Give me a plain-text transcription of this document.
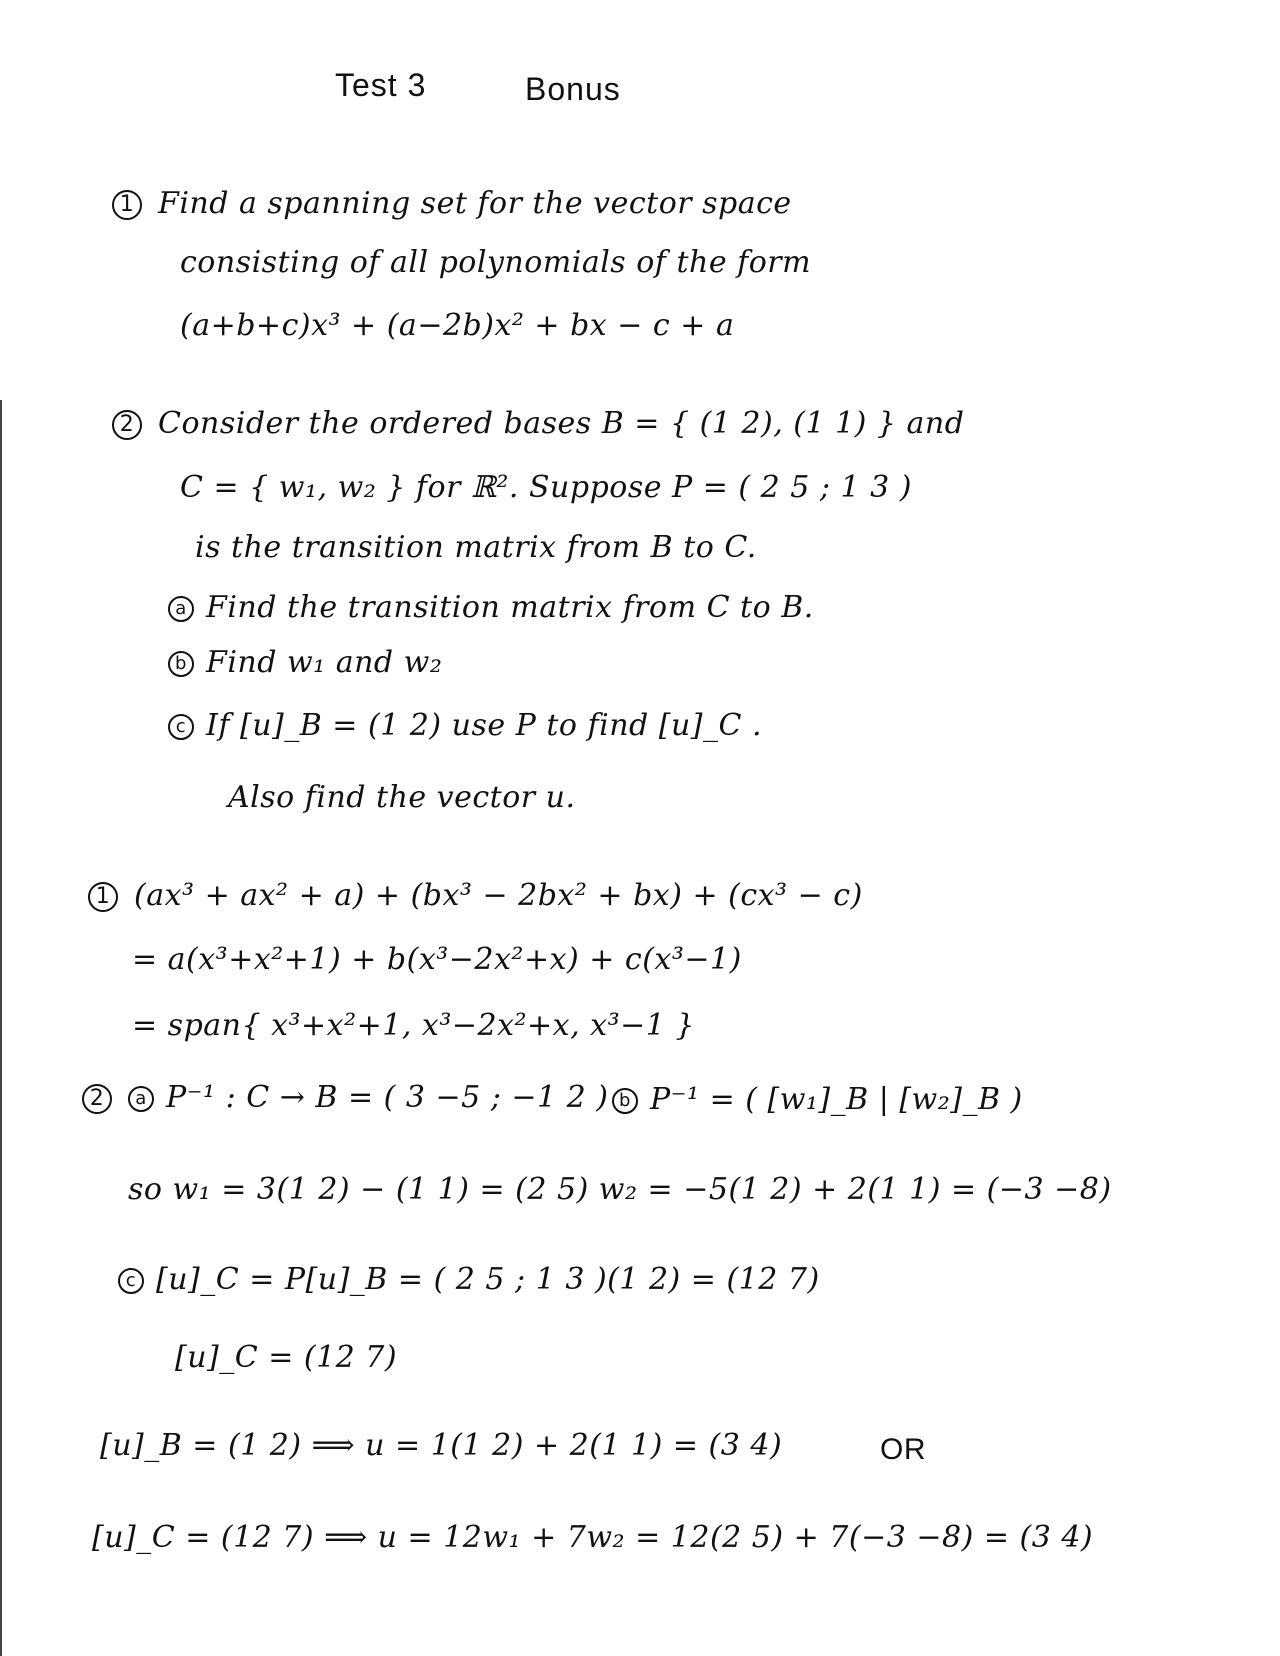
Test 3	Bonus
1 Find a spanning set for the vector space
consisting of all polynomials of the form
(a+b+c)x³ + (a−2b)x² + bx − c + a
2 Consider the ordered bases B = { (1 2), (1 1) } and
C = { w₁, w₂ } for ℝ². Suppose P = ( 2 5 ; 1 3 )
is the transition matrix from B to C.
a Find the transition matrix from C to B.
b Find w₁ and w₂
c If [u]_B = (1 2) use P to find [u]_C .
Also find the vector u.
1 (ax³ + ax² + a) + (bx³ − 2bx² + bx) + (cx³ − c)
= a(x³+x²+1) + b(x³−2x²+x) + c(x³−1)
= span{ x³+x²+1, x³−2x²+x, x³−1 }
2 a P⁻¹ : C → B = ( 3 −5 ; −1 2 ) b P⁻¹ = ( [w₁]_B | [w₂]_B )
so w₁ = 3(1 2) − (1 1) = (2 5) w₂ = −5(1 2) + 2(1 1) = (−3 −8)
c [u]_C = P[u]_B = ( 2 5 ; 1 3 )(1 2) = (12 7)
[u]_C = (12 7)
[u]_B = (1 2) ⟹ u = 1(1 2) + 2(1 1) = (3 4)	OR
[u]_C = (12 7) ⟹ u = 12w₁ + 7w₂ = 12(2 5) + 7(−3 −8) = (3 4)
